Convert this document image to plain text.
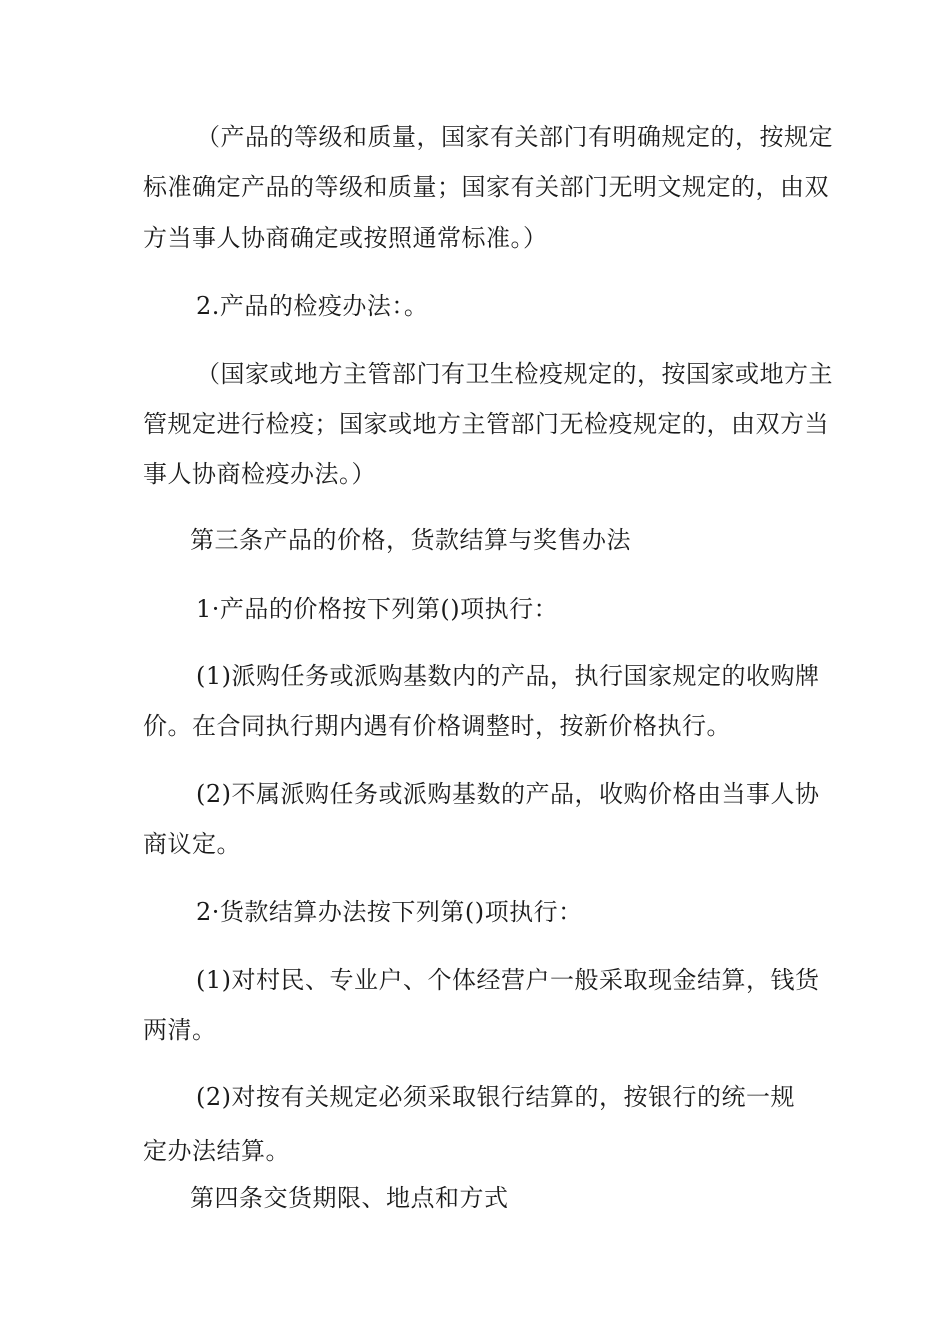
（产品的等级和质量，国家有关部门有明确规定的，按规定

标准确定产品的等级和质量；国家有关部门无明文规定的，由双

方当事人协商确定或按照通常标准。）

2.产品的检疫办法：。

（国家或地方主管部门有卫生检疫规定的，按国家或地方主

管规定进行检疫；国家或地方主管部门无检疫规定的，由双方当

事人协商检疫办法。）

第三条产品的价格，货款结算与奖售办法

1·产品的价格按下列第()项执行：

(1)派购任务或派购基数内的产品，执行国家规定的收购牌

价。在合同执行期内遇有价格调整时，按新价格执行。

(2)不属派购任务或派购基数的产品，收购价格由当事人协

商议定。

2·货款结算办法按下列第()项执行：

(1)对村民、专业户、个体经营户一般采取现金结算，钱货

两清。

(2)对按有关规定必须采取银行结算的，按银行的统一规

定办法结算。

第四条交货期限、地点和方式
